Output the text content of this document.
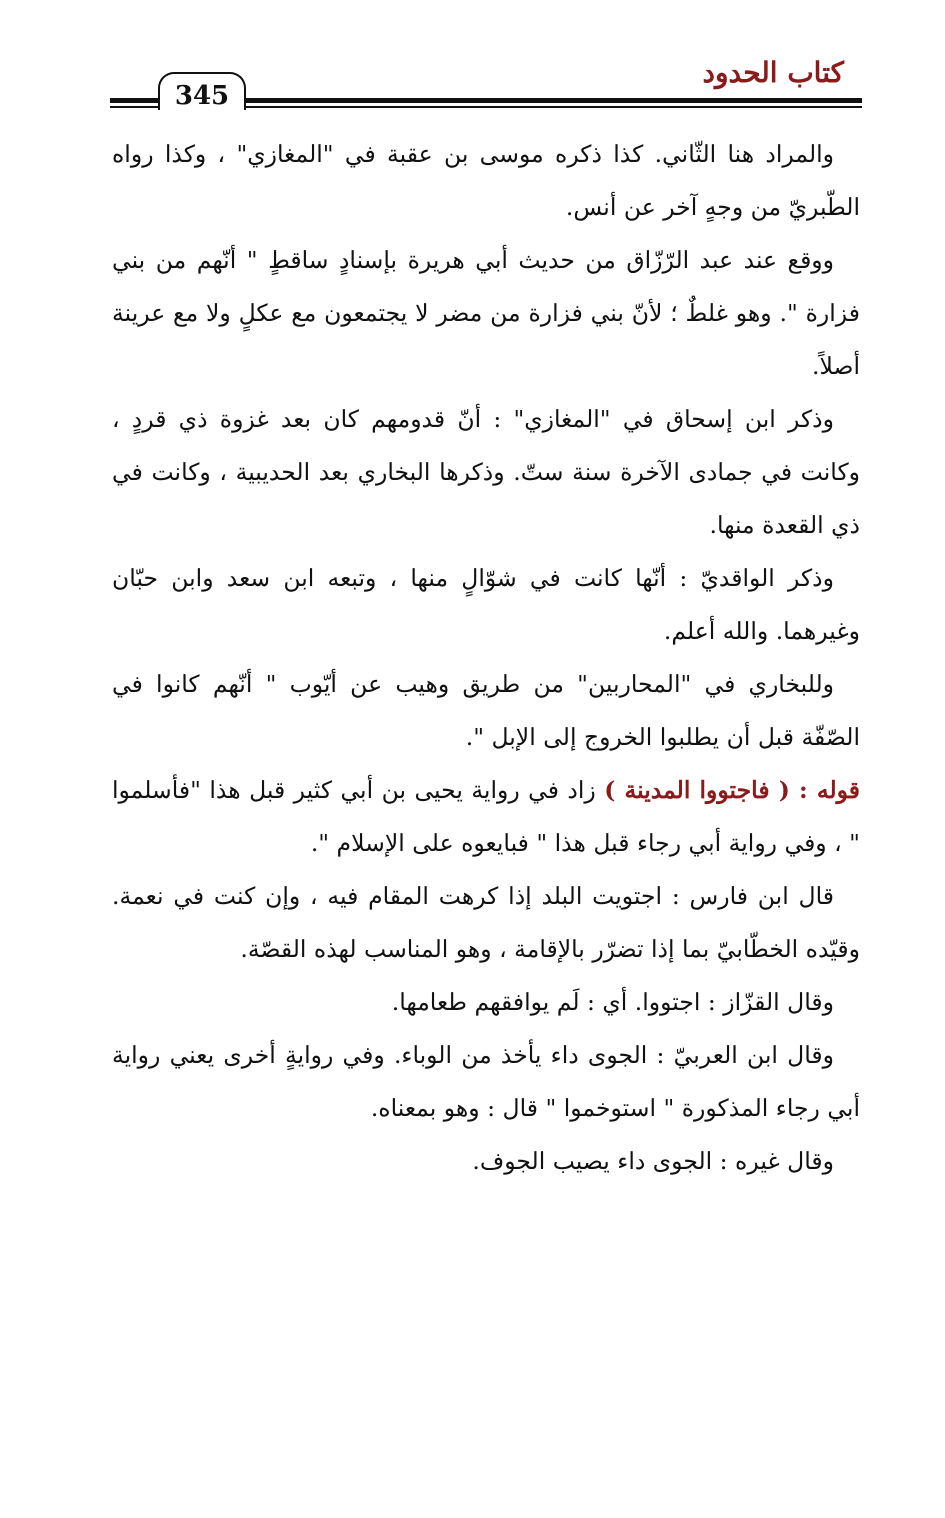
كتاب الحدود
345

والمراد هنا الثّاني. كذا ذكره موسى بن عقبة في "المغازي" ، وكذا رواه الطّبريّ من وجهٍ آخر عن أنس.

ووقع عند عبد الرّزّاق من حديث أبي هريرة بإسنادٍ ساقطٍ " أنّهم من بني فزارة ". وهو غلطٌ ؛ لأنّ بني فزارة من مضر لا يجتمعون مع عكلٍ ولا مع عرينة أصلاً.

وذكر ابن إسحاق في "المغازي" : أنّ قدومهم كان بعد غزوة ذي قردٍ ، وكانت في جمادى الآخرة سنة ستّ. وذكرها البخاري بعد الحديبية ، وكانت في ذي القعدة منها.

وذكر الواقديّ : أنّها كانت في شوّالٍ منها ، وتبعه ابن سعد وابن حبّان وغيرهما. والله أعلم.

وللبخاري في "المحاربين" من طريق وهيب عن أيّوب " أنّهم كانوا في الصّفّة قبل أن يطلبوا الخروج إلى الإبل ".

قوله : ( فاجتووا المدينة ) زاد في رواية يحيى بن أبي كثير قبل هذا "فأسلموا " ، وفي رواية أبي رجاء قبل هذا " فبايعوه على الإسلام ".

قال ابن فارس : اجتويت البلد إذا كرهت المقام فيه ، وإن كنت في نعمة. وقيّده الخطّابيّ بما إذا تضرّر بالإقامة ، وهو المناسب لهذه القصّة.

وقال القزّاز : اجتووا. أي : لَم يوافقهم طعامها.

وقال ابن العربيّ : الجوى داء يأخذ من الوباء. وفي روايةٍ أخرى يعني رواية أبي رجاء المذكورة " استوخموا " قال : وهو بمعناه.

وقال غيره : الجوى داء يصيب الجوف.
